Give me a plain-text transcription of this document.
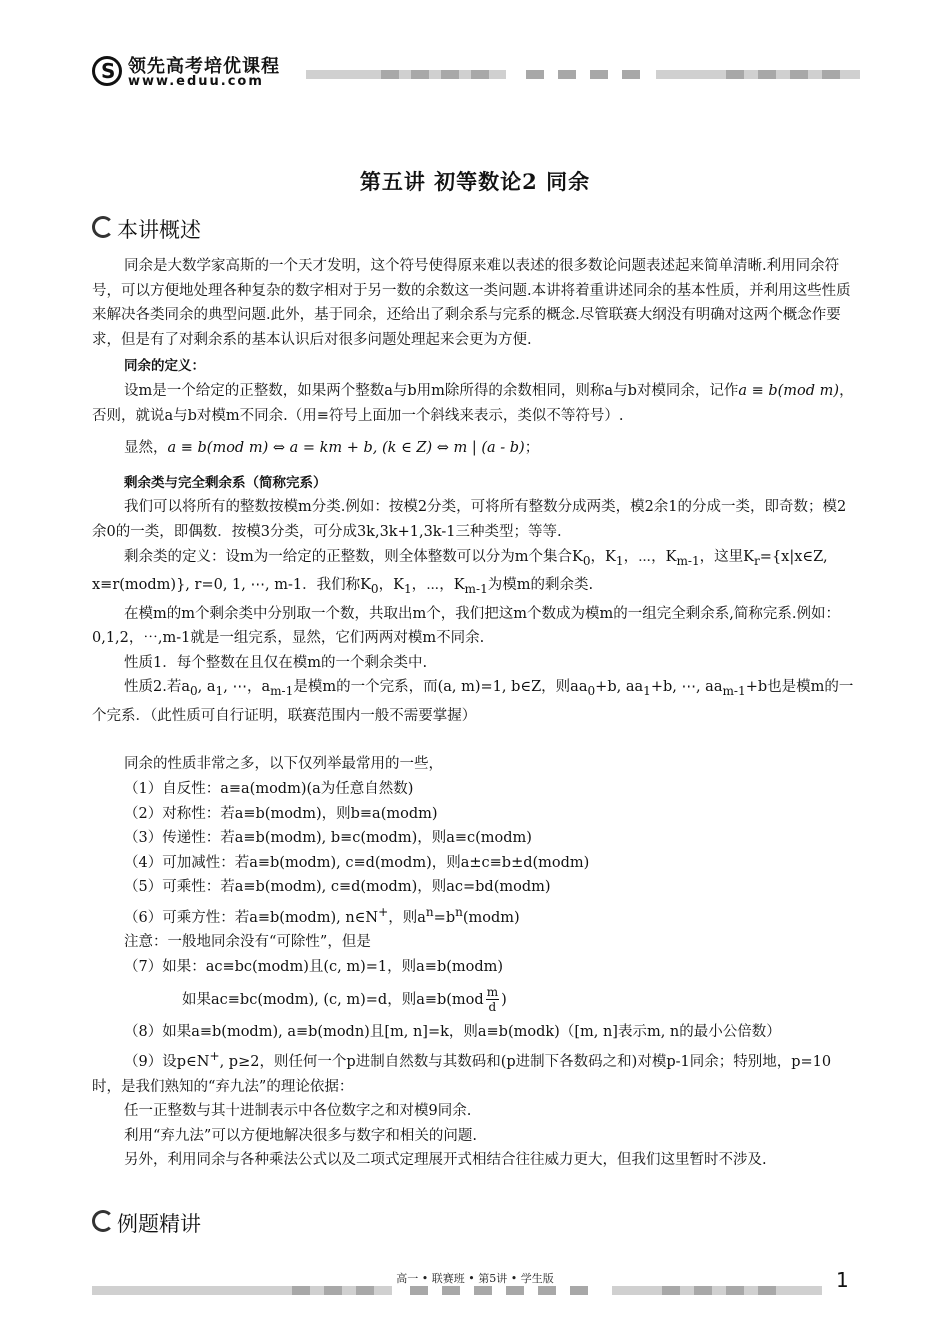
S 领先高考培优课程
www.eduu.com
第五讲 初等数论2 同余
本讲概述

同余是大数学家高斯的一个天才发明，这个符号使得原来难以表述的很多数论问题表述起来简单清晰.利用同余符号，可以方便地处理各种复杂的数字相对于另一数的余数这一类问题.本讲将着重讲述同余的基本性质，并利用这些性质来解决各类同余的典型问题.此外，基于同余，还给出了剩余系与完系的概念.尽管联赛大纲没有明确对这两个概念作要求，但是有了对剩余系的基本认识后对很多问题处理起来会更为方便.

同余的定义：

设m是一个给定的正整数，如果两个整数a与b用m除所得的余数相同，则称a与b对模同余，记作a ≡ b(mod m)，否则，就说a与b对模m不同余.（用≡符号上面加一个斜线来表示，类似不等符号）.

显然，a ≡ b(mod m) ⇔ a = km + b, (k ∈ Z) ⇔ m | (a - b)；

剩余类与完全剩余系（简称完系）

我们可以将所有的整数按模m分类.例如：按模2分类，可将所有整数分成两类，模2余1的分成一类，即奇数；模2余0的一类，即偶数．按模3分类，可分成3k,3k+1,3k-1三种类型；等等.

剩余类的定义：设m为一给定的正整数，则全体整数可以分为m个集合$K_0$，$K_1$，⋯，$K_{m-1}$，这里$K_r=\{x|x\in Z$, x≡r(modm)}, r=0, 1, ⋯, m-1．我们称$K_0$，$K_1$，⋯，$K_{m-1}$为模m的剩余类.

在模m的m个剩余类中分别取一个数，共取出m个，我们把这m个数成为模m的一组完全剩余系,简称完系.例如：0,1,2，⋯,m-1就是一组完系，显然，它们两两对模m不同余.

性质1．每个整数在且仅在模m的一个剩余类中.

性质2.若$a_0$, $a_1$, ⋯，$a_{m-1}$是模m的一个完系，而(a, m)=1, b∈Z，则$aa_0+b$, $aa_1+b$, ⋯, $aa_{m-1}+b$也是模m的一个完系．（此性质可自行证明，联赛范围内一般不需要掌握）

同余的性质非常之多，以下仅列举最常用的一些，

（1）自反性：a≡a(modm)(a为任意自然数)

（2）对称性：若a≡b(modm)，则b≡a(modm)

（3）传递性：若a≡b(modm), b≡c(modm)，则a≡c(modm)

（4）可加减性：若a≡b(modm), c≡d(modm)，则a±c≡b±d(modm)

（5）可乘性：若a≡b(modm), c≡d(modm)，则ac=bd(modm)

（6）可乘方性：若a≡b(modm), n∈N+，则$a^n=b^n(modm)$

注意：一般地同余没有“可除性”，但是

（7）如果：ac≡bc(modm)且(c, m)=1，则a≡b(modm)

如果ac≡bc(modm), (c, m)=d，则$a\equiv b(mod \frac{m}{d}$ )

（8）如果a≡b(modm), a≡b(modn)且[m, n]=k，则a≡b(modk)（[m, n]表示m, n的最小公倍数）

（9）设p∈N+, p≥2，则任何一个p进制自然数与其数码和(p进制下各数码之和)对模p-1同余；特别地，p=10时，是我们熟知的“弃九法”的理论依据：

任一正整数与其十进制表示中各位数字之和对模9同余.

利用“弃九法”可以方便地解决很多与数字和相关的问题.

另外，利用同余与各种乘法公式以及二项式定理展开式相结合往往威力更大，但我们这里暂时不涉及.

例题精讲
高一 • 联赛班 • 第5讲 • 学生版	1
